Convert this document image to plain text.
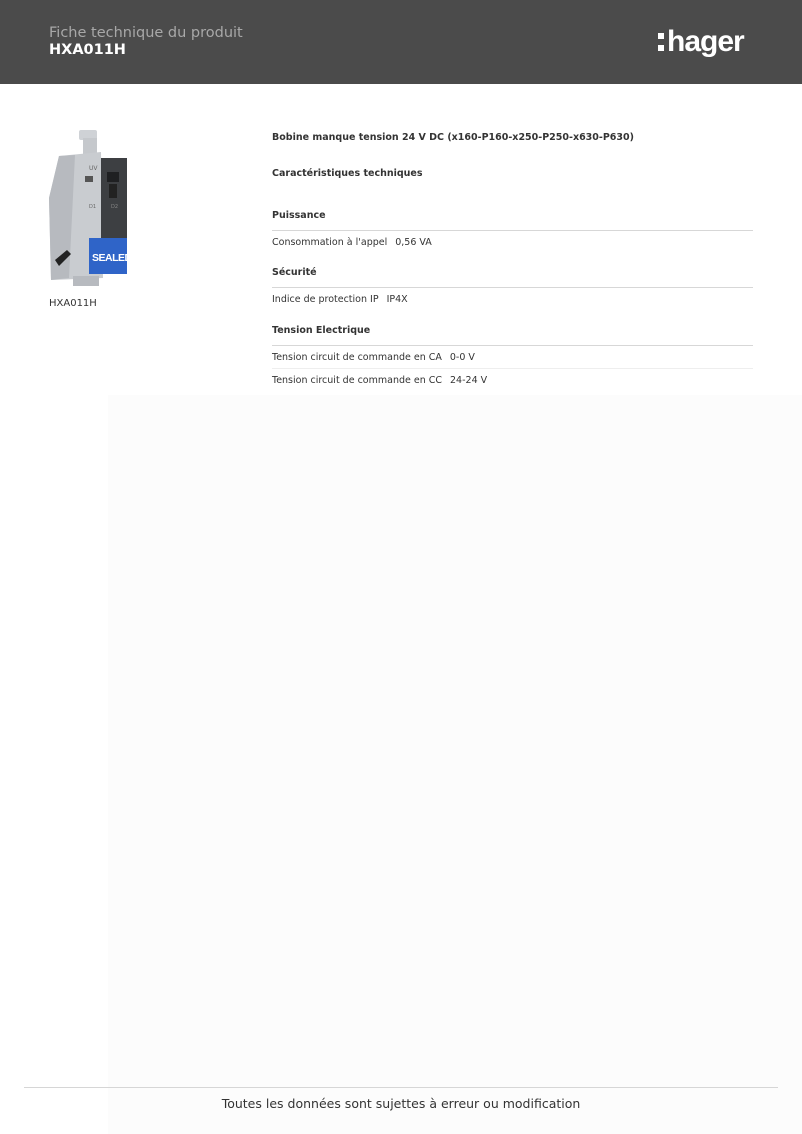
Fiche technique du produit
HXA011H	hager
UV
D1	D2
SEALED
HXA011H
Bobine manque tension 24 V DC (x160-P160-x250-P250-x630-P630)
Caractéristiques techniques
Puissance
Consommation à l'appel 0,56 VA
Sécurité
Indice de protection IP IP4X
Tension Electrique
Tension circuit de commande en CA 0-0 V
Tension circuit de commande en CC 24-24 V
Toutes les données sont sujettes à erreur ou modification
